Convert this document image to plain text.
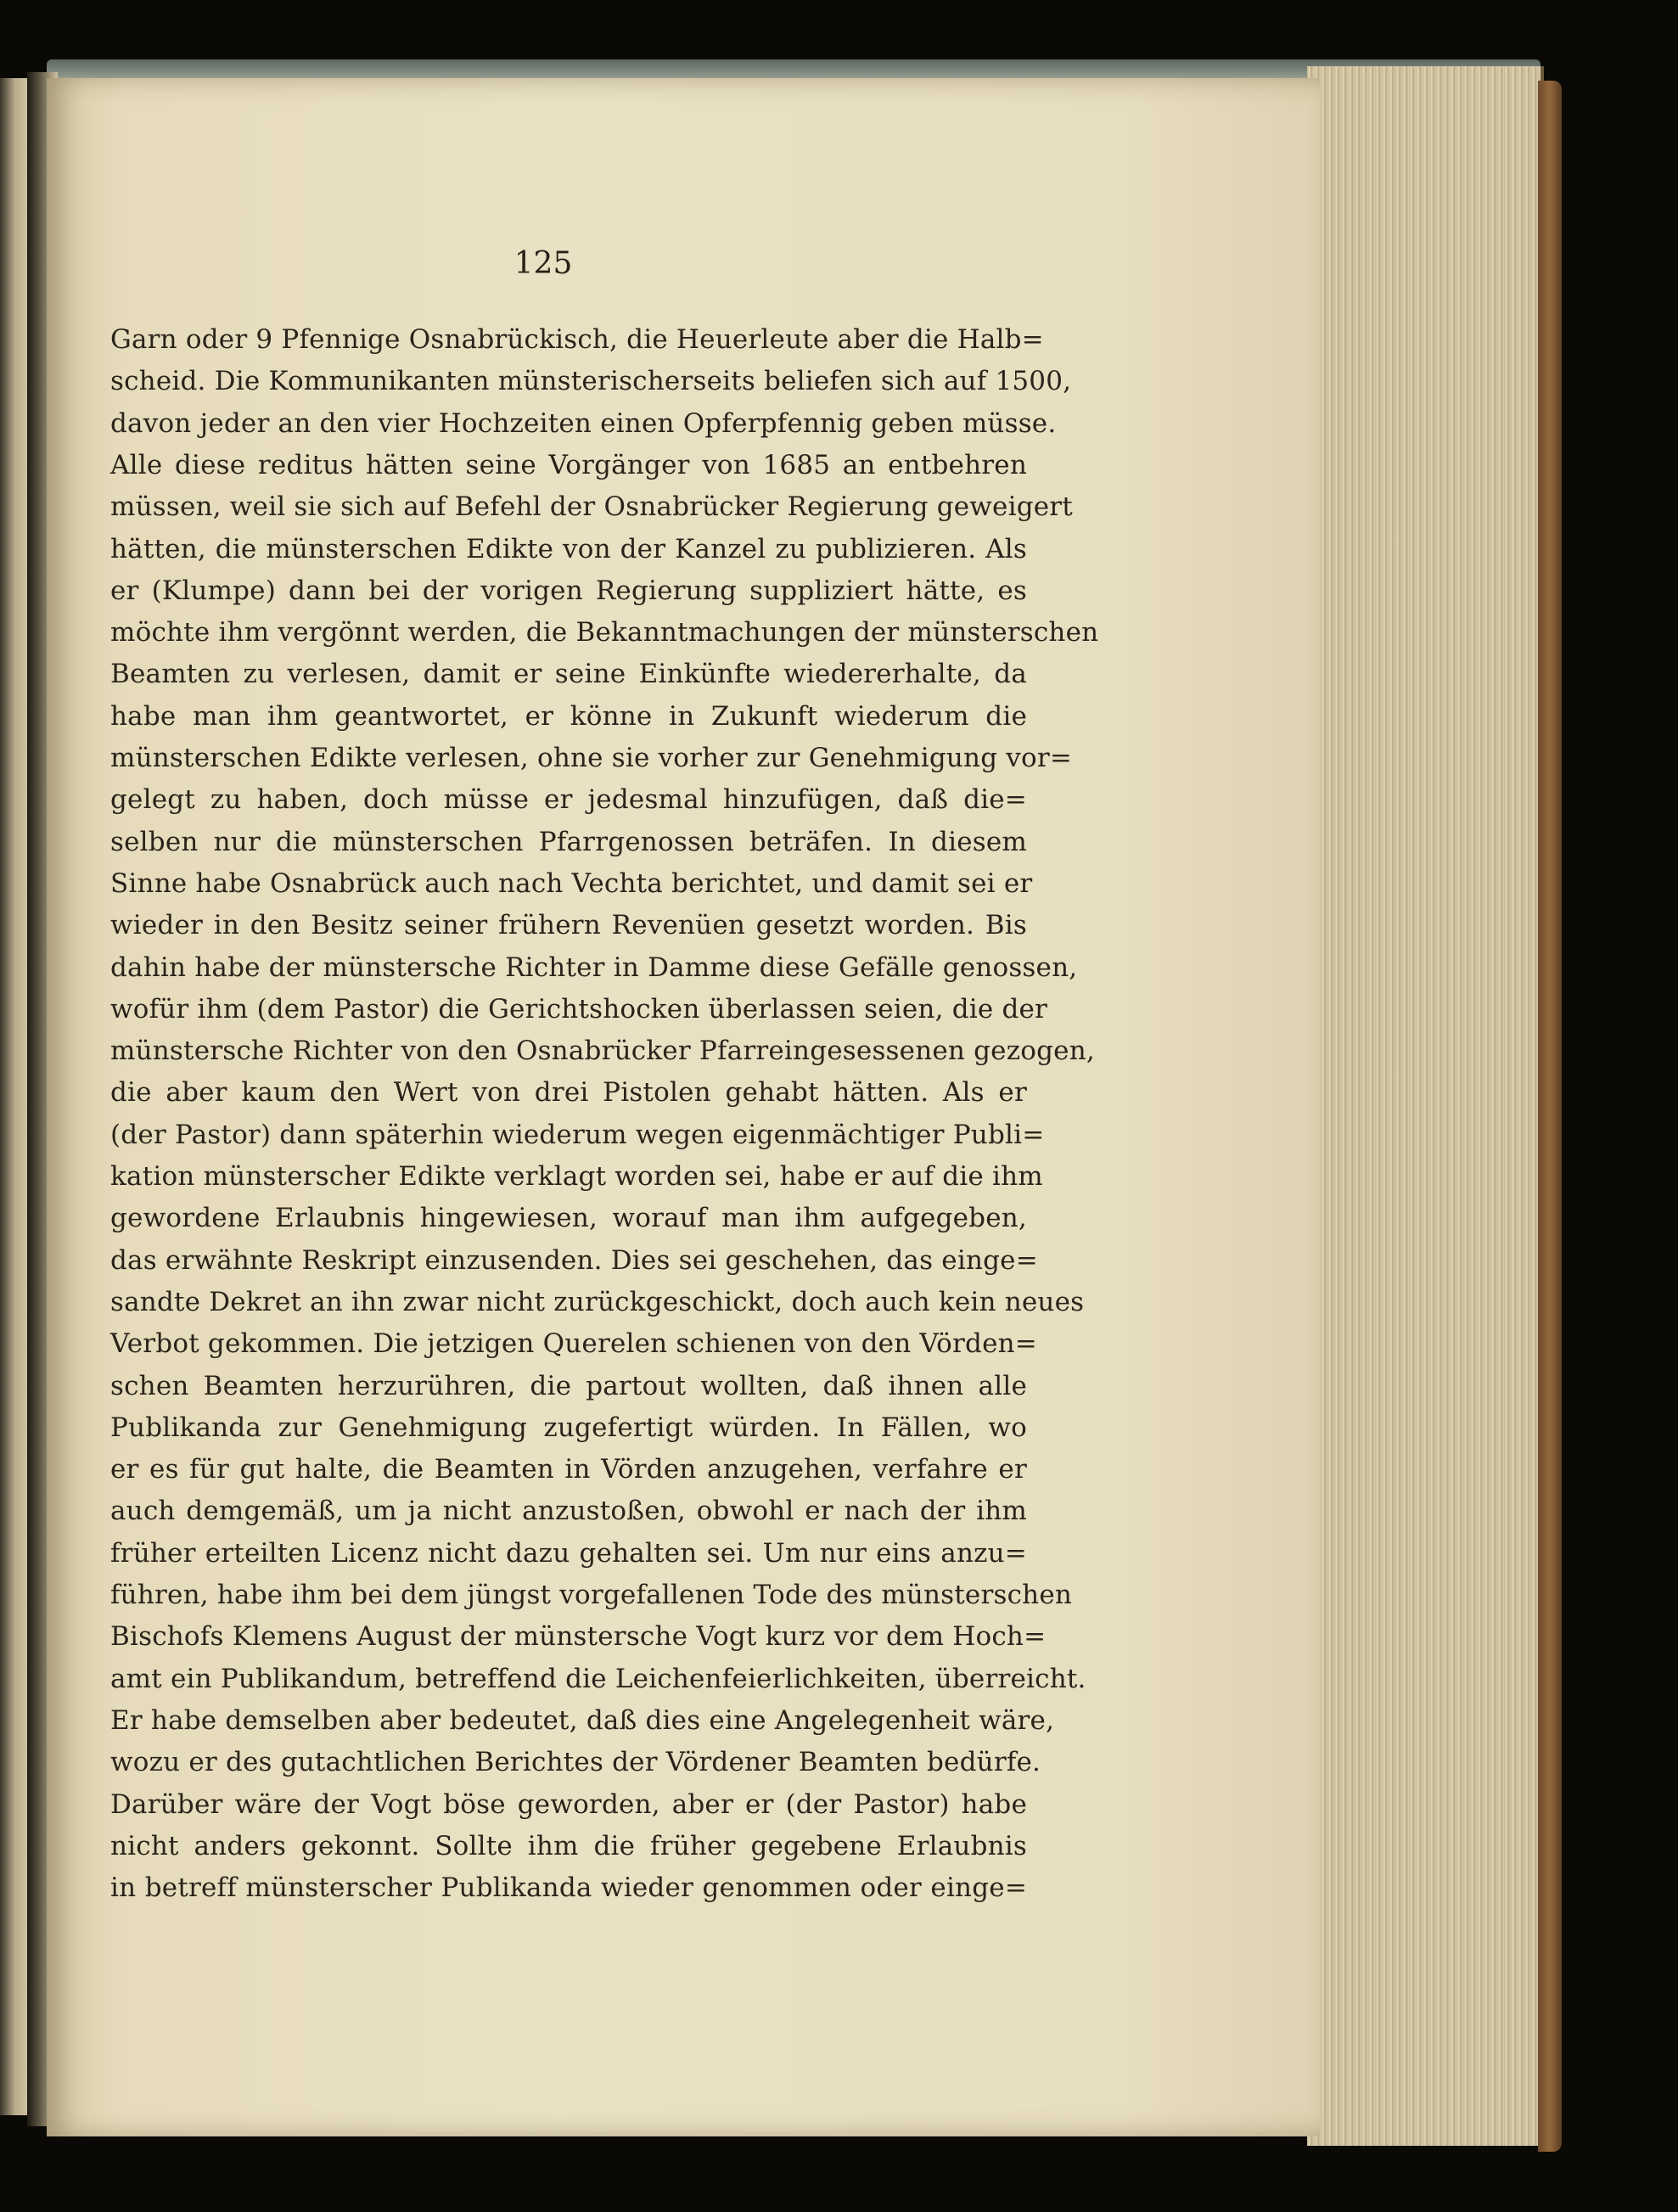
125
Garn oder 9 Pfennige Osnabrückisch, die Heuerleute aber die Halb=
scheid. Die Kommunikanten münsterischerseits beliefen sich auf 1500,
davon jeder an den vier Hochzeiten einen Opferpfennig geben müsse.
Alle diese reditus hätten seine Vorgänger von 1685 an entbehren
müssen, weil sie sich auf Befehl der Osnabrücker Regierung geweigert
hätten, die münsterschen Edikte von der Kanzel zu publizieren. Als
er (Klumpe) dann bei der vorigen Regierung suppliziert hätte, es
möchte ihm vergönnt werden, die Bekanntmachungen der münsterschen
Beamten zu verlesen, damit er seine Einkünfte wiedererhalte, da
habe man ihm geantwortet, er könne in Zukunft wiederum die
münsterschen Edikte verlesen, ohne sie vorher zur Genehmigung vor=
gelegt zu haben, doch müsse er jedesmal hinzufügen, daß die=
selben nur die münsterschen Pfarrgenossen beträfen. In diesem
Sinne habe Osnabrück auch nach Vechta berichtet, und damit sei er
wieder in den Besitz seiner frühern Revenüen gesetzt worden. Bis
dahin habe der münstersche Richter in Damme diese Gefälle genossen,
wofür ihm (dem Pastor) die Gerichtshocken überlassen seien, die der
münstersche Richter von den Osnabrücker Pfarreingesessenen gezogen,
die aber kaum den Wert von drei Pistolen gehabt hätten. Als er
(der Pastor) dann späterhin wiederum wegen eigenmächtiger Publi=
kation münsterscher Edikte verklagt worden sei, habe er auf die ihm
gewordene Erlaubnis hingewiesen, worauf man ihm aufgegeben,
das erwähnte Reskript einzusenden. Dies sei geschehen, das einge=
sandte Dekret an ihn zwar nicht zurückgeschickt, doch auch kein neues
Verbot gekommen. Die jetzigen Querelen schienen von den Vörden=
schen Beamten herzurühren, die partout wollten, daß ihnen alle
Publikanda zur Genehmigung zugefertigt würden. In Fällen, wo
er es für gut halte, die Beamten in Vörden anzugehen, verfahre er
auch demgemäß, um ja nicht anzustoßen, obwohl er nach der ihm
früher erteilten Licenz nicht dazu gehalten sei. Um nur eins anzu=
führen, habe ihm bei dem jüngst vorgefallenen Tode des münsterschen
Bischofs Klemens August der münstersche Vogt kurz vor dem Hoch=
amt ein Publikandum, betreffend die Leichenfeierlichkeiten, überreicht.
Er habe demselben aber bedeutet, daß dies eine Angelegenheit wäre,
wozu er des gutachtlichen Berichtes der Vördener Beamten bedürfe.
Darüber wäre der Vogt böse geworden, aber er (der Pastor) habe
nicht anders gekonnt. Sollte ihm die früher gegebene Erlaubnis
in betreff münsterscher Publikanda wieder genommen oder einge=
